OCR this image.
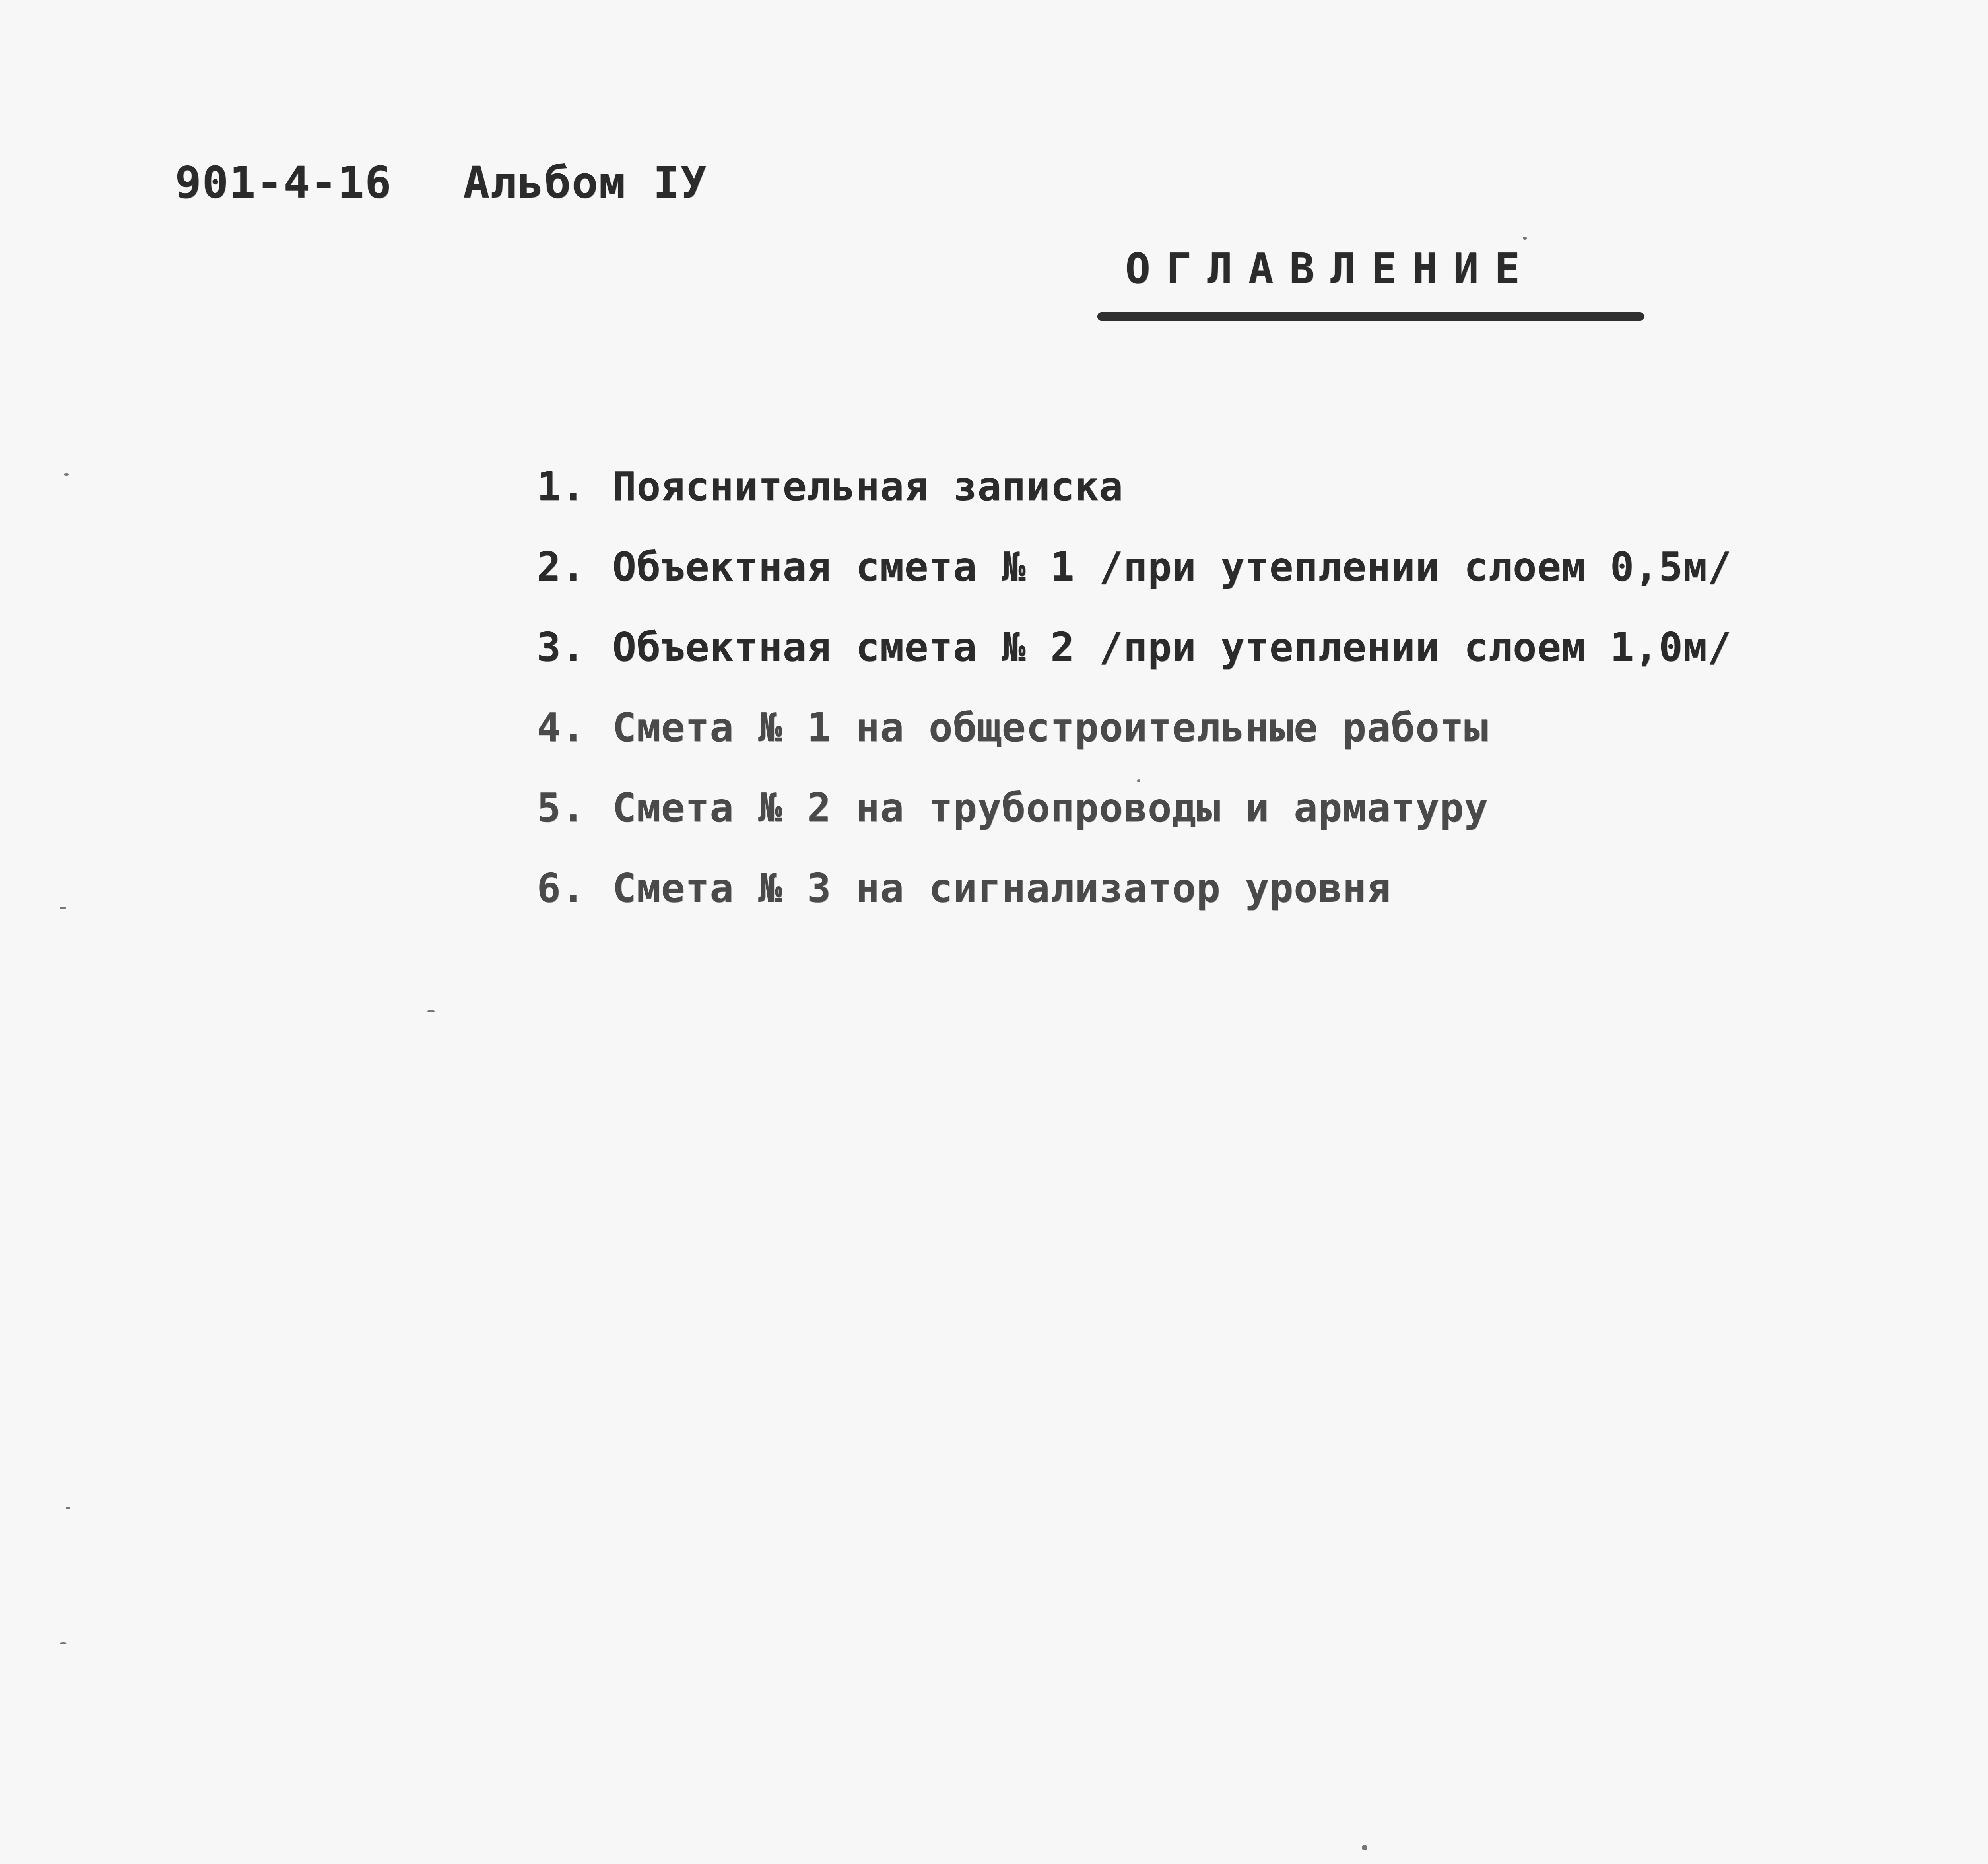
901-4-16 Альбом IУ
ОГЛАВЛЕНИЕ
1. Пояснительная записка
2. Объектная смета № 1 /при утеплении слоем 0,5м/
3. Объектная смета № 2 /при утеплении слоем 1,0м/
4. Смета № 1 на общестроительные работы
5. Смета № 2 на трубопроводы и арматуру
6. Смета № 3 на сигнализатор уровня
